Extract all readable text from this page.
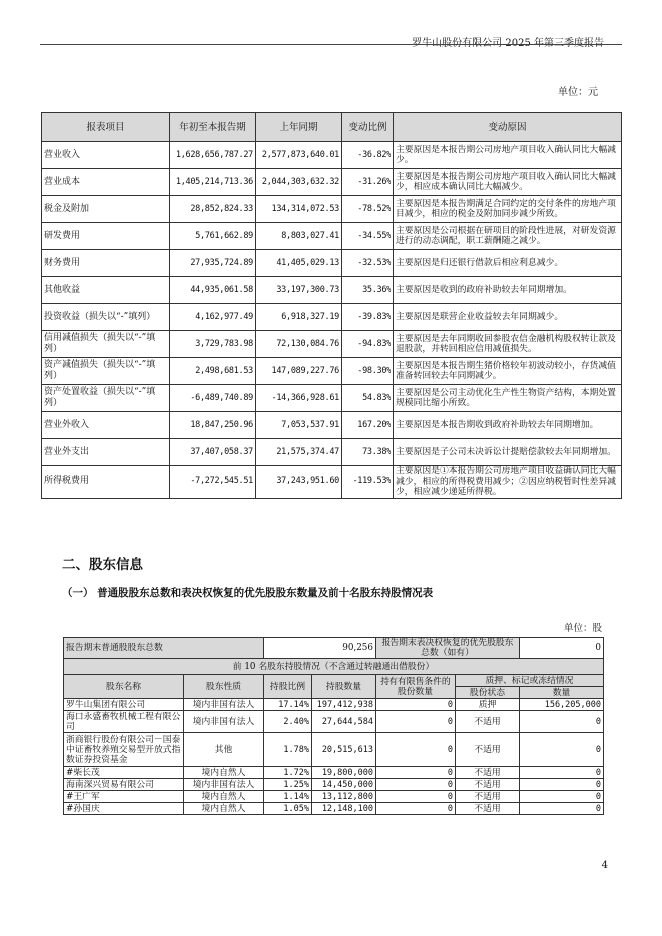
罗牛山股份有限公司 2025 年第三季度报告
单位：元
报表项目	年初至本报告期	上年同期	变动比例	变动原因
营业收入	1,628,656,787.27	2,577,873,640.01	-36.82%	主要原因是本报告期公司房地产项目收入确认同比大幅减少。
营业成本	1,405,214,713.36	2,044,303,632.32	-31.26%	主要原因是本报告期公司房地产项目收入确认同比大幅减少，相应成本确认同比大幅减少。
税金及附加	28,852,824.33	134,314,072.53	-78.52%	主要原因是本报告期满足合同约定的交付条件的房地产项目减少，相应的税金及附加同步减少所致。
研发费用	5,761,662.89	8,803,027.41	-34.55%	主要原因是公司根据在研项目的阶段性进展，对研发资源进行的动态调配，职工薪酬随之减少。
财务费用	27,935,724.89	41,405,029.13	-32.53%	主要原因是归还银行借款后相应利息减少。
其他收益	44,935,061.58	33,197,300.73	35.36%	主要原因是收到的政府补助较去年同期增加。
投资收益（损失以“-”填列）	4,162,977.49	6,918,327.19	-39.83%	主要原因是联营企业收益较去年同期减少。
信用减值损失（损失以“-”填列）	3,729,783.98	72,130,084.76	-94.83%	主要原因是去年同期收回参股农信金融机构股权转让款及退股款，并转回相应信用减值损失。
资产减值损失（损失以“-”填列）	2,498,681.53	147,089,227.76	-98.30%	主要原因是本报告期生猪价格较年初波动较小，存货减值准备转回较去年同期减少。
资产处置收益（损失以“-”填列）	-6,489,740.89	-14,366,928.61	54.83%	主要原因是公司主动优化生产性生物资产结构，本期处置规模同比缩小所致。
营业外收入	18,847,250.96	7,053,537.91	167.20%	主要原因是本报告期收到政府补助较去年同期增加。
营业外支出	37,407,058.37	21,575,374.47	73.38%	主要原因是子公司未决诉讼计提赔偿款较去年同期增加。
所得税费用	-7,272,545.51	37,243,951.60	-119.53%	主要原因是①本报告期公司房地产项目收益确认同比大幅减少，相应的所得税费用减少；②因应纳税暂时性差异减少，相应减少递延所得税。
二、股东信息
（一） 普通股股东总数和表决权恢复的优先股股东数量及前十名股东持股情况表
单位：股
报告期末普通股股东总数		90,256		报告期末表决权恢复的优先股股东总数（如有）		0
前 10 名股东持股情况（不含通过转融通出借股份）						
股东名称	股东性质	持股比例	持股数量	持有有限售条件的股份数量	质押、标记或冻结情况	
					股份状态	数量
罗牛山集团有限公司	境内非国有法人	17.14%	197,412,938	0	质押	156,205,000
海口永盛畜牧机械工程有限公司	境内非国有法人	2.40%	27,644,584	0	不适用	0
浙商银行股份有限公司－国泰中证畜牧养殖交易型开放式指数证券投资基金	其他	1.78%	20,515,613	0	不适用	0
#柴长茂	境内自然人	1.72%	19,800,000	0	不适用	0
海南深兴贸易有限公司	境内非国有法人	1.25%	14,450,000	0	不适用	0
#王广军	境内自然人	1.14%	13,112,800	0	不适用	0
#孙国庆	境内自然人	1.05%	12,148,100	0	不适用	0
4
